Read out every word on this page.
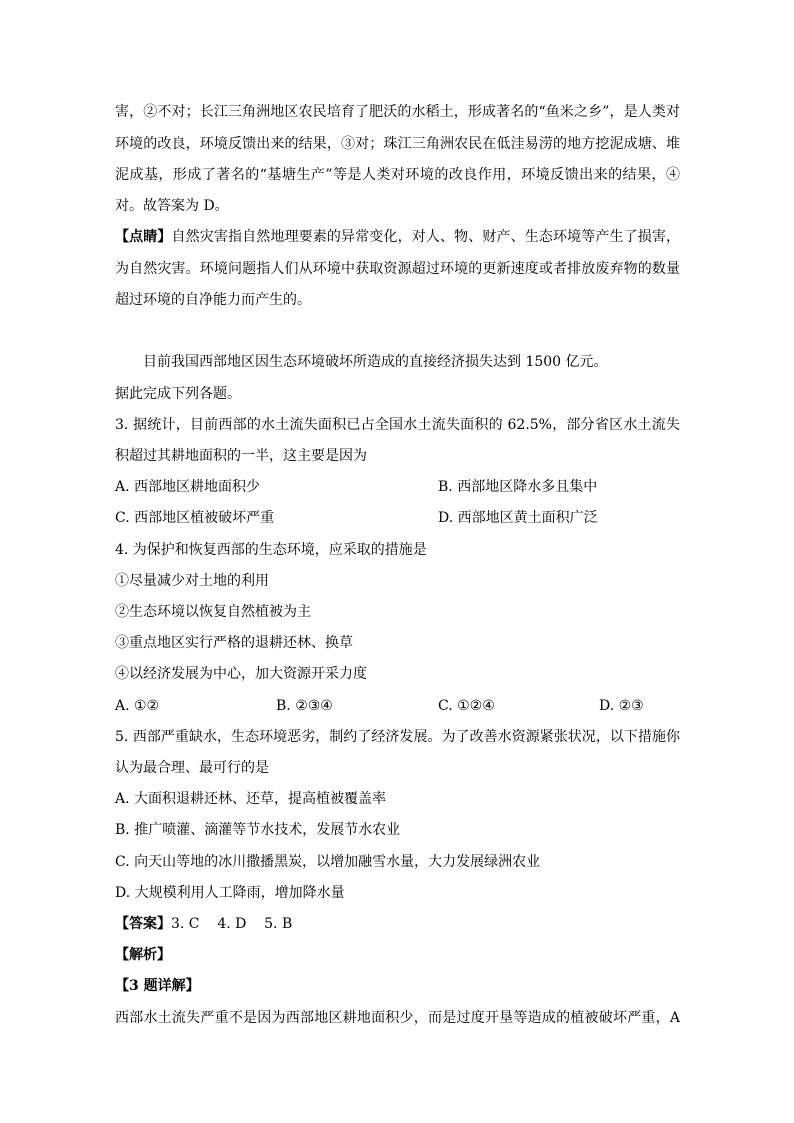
害，②不对；长江三角洲地区农民培育了肥沃的水稻土，形成著名的“鱼米之乡”，是人类对
环境的改良，环境反馈出来的结果，③对；珠江三角洲农民在低洼易涝的地方挖泥成塘、堆
泥成基，形成了著名的“基塘生产”等是人类对环境的改良作用，环境反馈出来的结果，④
对。故答案为 D。
【点睛】自然灾害指自然地理要素的异常变化，对人、物、财产、生态环境等产生了损害，
为自然灾害。环境问题指人们从环境中获取资源超过环境的更新速度或者排放废弃物的数量
超过环境的自净能力而产生的。
目前我国西部地区因生态环境破坏所造成的直接经济损失达到 1500 亿元。
据此完成下列各题。
3. 据统计，目前西部的水土流失面积已占全国水土流失面积的 62.5%，部分省区水土流失
积超过其耕地面积的一半，这主要是因为
A. 西部地区耕地面积少	B. 西部地区降水多且集中
C. 西部地区植被破坏严重	D. 西部地区黄土面积广泛
4. 为保护和恢复西部的生态环境，应采取的措施是
①尽量减少对土地的利用
②生态环境以恢复自然植被为主
③重点地区实行严格的退耕还林、换草
④以经济发展为中心，加大资源开采力度
A. ①②	B. ②③④	C. ①②④	D. ②③
5. 西部严重缺水，生态环境恶劣，制约了经济发展。为了改善水资源紧张状况，以下措施你
认为最合理、最可行的是
A. 大面积退耕还林、还草，提高植被覆盖率
B. 推广喷灌、滴灌等节水技术，发展节水农业
C. 向天山等地的冰川撒播黑炭，以增加融雪水量，大力发展绿洲农业
D. 大规模利用人工降雨，增加降水量
【答案】3. C    4. D    5. B
【解析】
【3 题详解】
西部水土流失严重不是因为西部地区耕地面积少，而是过度开垦等造成的植被破坏严重，A
